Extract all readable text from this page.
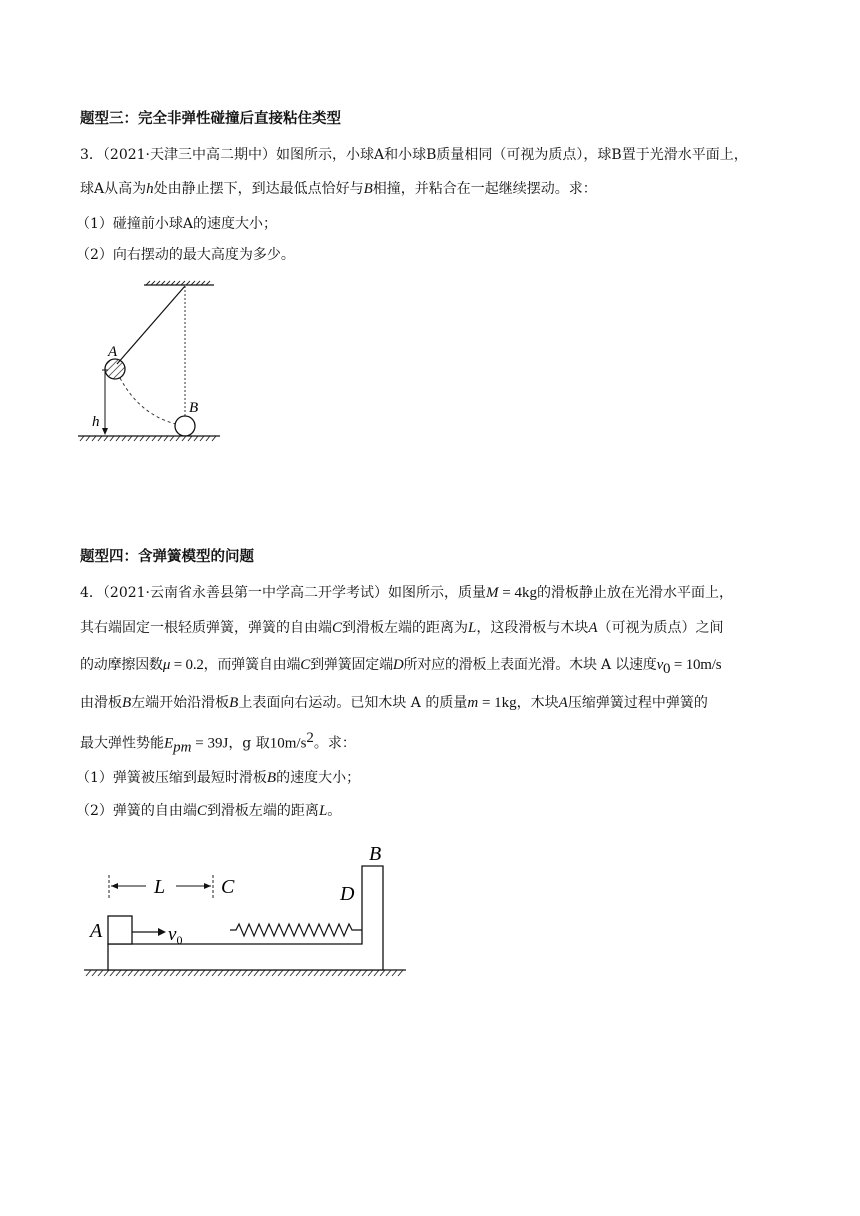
题型三：完全非弹性碰撞后直接粘住类型
3．（2021·天津三中高二期中）如图所示，小球A和小球B质量相同（可视为质点），球B置于光滑水平面上，
球A从高为h处由静止摆下，到达最低点恰好与B相撞，并粘合在一起继续摆动。求：
（1）碰撞前小球A的速度大小；
（2）向右摆动的最大高度为多少。
A
B
h
题型四：含弹簧模型的问题
4．（2021·云南省永善县第一中学高二开学考试）如图所示，质量M = 4kg的滑板静止放在光滑水平面上，
其右端固定一根轻质弹簧，弹簧的自由端C到滑板左端的距离为L，这段滑板与木块A（可视为质点）之间
的动摩擦因数μ = 0.2，而弹簧自由端C到弹簧固定端D所对应的滑板上表面光滑。木块 A 以速度$v_0 = 10m/s$
由滑板B左端开始沿滑板B上表面向右运动。已知木块 A 的质量m = 1kg，木块A压缩弹簧过程中弹簧的
最大弹性势能$E_{pm} = 39J$，g 取$10m/s^2$。求：
（1）弹簧被压缩到最短时滑板B的速度大小；
（2）弹簧的自由端C到滑板左端的距离L。
L	C
B
D
A	$v_0$
